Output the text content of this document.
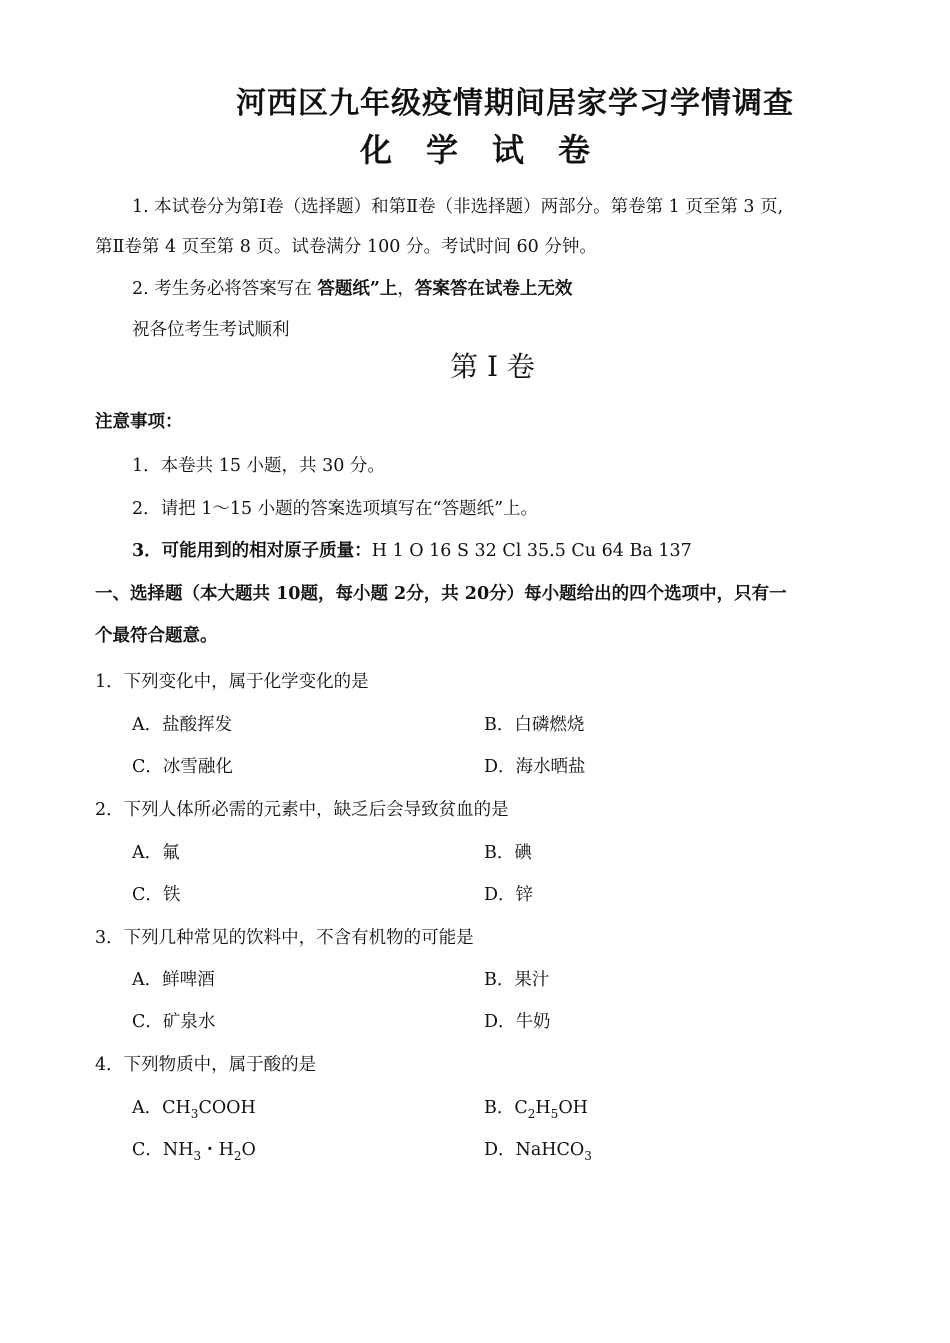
河西区九年级疫情期间居家学习学情调查
化学试卷
1. 本试卷分为第Ⅰ卷（选择题）和第Ⅱ卷（非选择题）两部分。第卷第 1 页至第 3 页,
第Ⅱ卷第 4 页至第 8 页。试卷满分 100 分。考试时间 60 分钟。
2. 考生务必将答案写在 答题纸”上，答案答在试卷上无效
祝各位考生考试顺利
第 I 卷
注意事项：
1．本卷共 15 小题，共 30 分。
2．请把 1～15 小题的答案选项填写在“答题纸”上。
3．可能用到的相对原子质量：H 1 O 16 S 32 Cl 35.5 Cu 64 Ba 137
一、选择题（本大题共 10题，每小题 2分，共 20分）每小题给出的四个选项中，只有一
个最符合题意。
1．下列变化中，属于化学变化的是
A．盐酸挥发	B．白磷燃烧
C．冰雪融化	D．海水晒盐
2．下列人体所必需的元素中，缺乏后会导致贫血的是
A．氟	B．碘
C．铁	D．锌
3．下列几种常见的饮料中，不含有机物的可能是
A．鲜啤酒	B．果汁
C．矿泉水	D．牛奶
4．下列物质中，属于酸的是
A．$CH_3COOH$	B．$C_2H_5OH$
C．$NH_3$・$H_2O$	D．NaHCO$_3$
